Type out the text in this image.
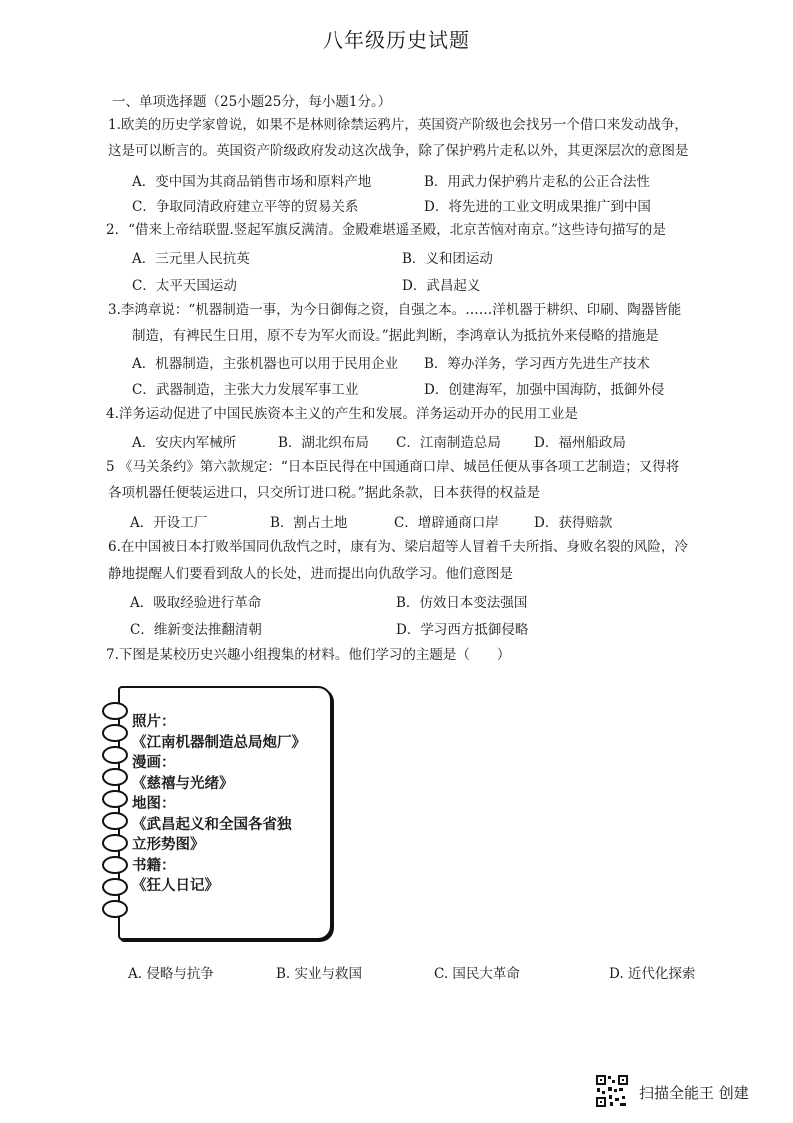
八年级历史试题
一、单项选择题（25小题25分，每小题1分。）
1.欧美的历史学家曾说，如果不是林则徐禁运鸦片，英国资产阶级也会找另一个借口来发动战争，
这是可以断言的。英国资产阶级政府发动这次战争，除了保护鸦片走私以外，其更深层次的意图是
A．变中国为其商品销售市场和原料产地	B．用武力保护鸦片走私的公正合法性
C．争取同清政府建立平等的贸易关系	D．将先进的工业文明成果推广到中国
2．“借来上帝结联盟.竖起军旗反满清。金殿难堪遥圣殿，北京苦恼对南京。”这些诗句描写的是
A．三元里人民抗英	B．义和团运动
C．太平天国运动	D．武昌起义
3.李鸿章说：“机器制造一事，为今日御侮之资，自强之本。……洋机器于耕织、印刷、陶器皆能
制造，有裨民生日用，原不专为军火而设。”据此判断，李鸿章认为抵抗外来侵略的措施是
A．机器制造，主张机器也可以用于民用企业 B．筹办洋务，学习西方先进生产技术
C．武器制造，主张大力发展军事工业	D．创建海军，加强中国海防，抵御外侵
4.洋务运动促进了中国民族资本主义的产生和发展。洋务运动开办的民用工业是
A．安庆内军械所	B．湖北织布局 C．江南制造总局 D．福州船政局
5 《马关条约》第六款规定：“日本臣民得在中国通商口岸、城邑任便从事各项工艺制造；又得将
各项机器任便装运进口，只交所订进口税。”据此条款，日本获得的权益是
A．开设工厂	B．割占土地	C．增辟通商口岸	D．获得赔款
6.在中国被日本打败举国同仇敌忾之时，康有为、梁启超等人冒着千夫所指、身败名裂的风险，冷
静地提醒人们要看到敌人的长处，进而提出向仇敌学习。他们意图是
A．吸取经验进行革命	B．仿效日本变法强国
C．维新变法推翻清朝	D．学习西方抵御侵略
7.下图是某校历史兴趣小组搜集的材料。他们学习的主题是（　　）
照片：
《江南机器制造总局炮厂》
漫画：
《慈禧与光绪》
地图：
《武昌起义和全国各省独
立形势图》
书籍：
《狂人日记》
A. 侵略与抗争	B. 实业与救国	C. 国民大革命	D. 近代化探索
扫描全能王 创建
